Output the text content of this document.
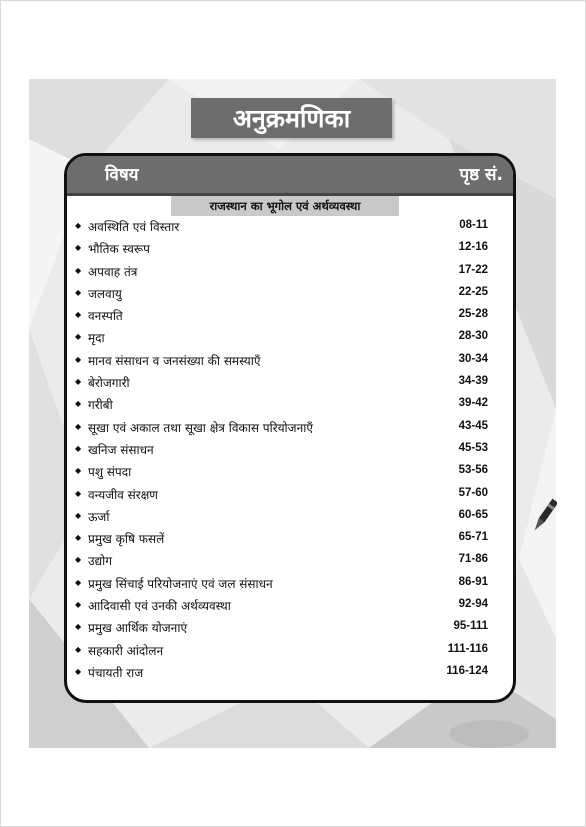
अनुक्रमणिका
विषय	पृष्ठ सं.
राजस्थान का भूगोल एवं अर्थव्यवस्था
◆ अवस्थिति एवं विस्तार	08-11
◆ भौतिक स्वरूप	12-16
◆ अपवाह तंत्र	17-22
◆ जलवायु	22-25
◆ वनस्पति	25-28
◆ मृदा	28-30
◆ मानव संसाधन व जनसंख्या की समस्याएँ	30-34
◆ बेरोजगारी	34-39
◆ गरीबी	39-42
◆ सूखा एवं अकाल तथा सूखा क्षेत्र विकास परियोजनाएँ	43-45
◆ खनिज संसाधन	45-53
◆ पशु संपदा	53-56
◆ वन्यजीव संरक्षण	57-60
◆ ऊर्जा	60-65
◆ प्रमुख कृषि फसलें	65-71
◆ उद्योग	71-86
◆ प्रमुख सिंचाई परियोजनाएं एवं जल संसाधन	86-91
◆ आदिवासी एवं उनकी अर्थव्यवस्था	92-94
◆ प्रमुख आर्थिक योजनाएं	95-111
◆ सहकारी आंदोलन	111-116
◆ पंचायती राज	116-124
